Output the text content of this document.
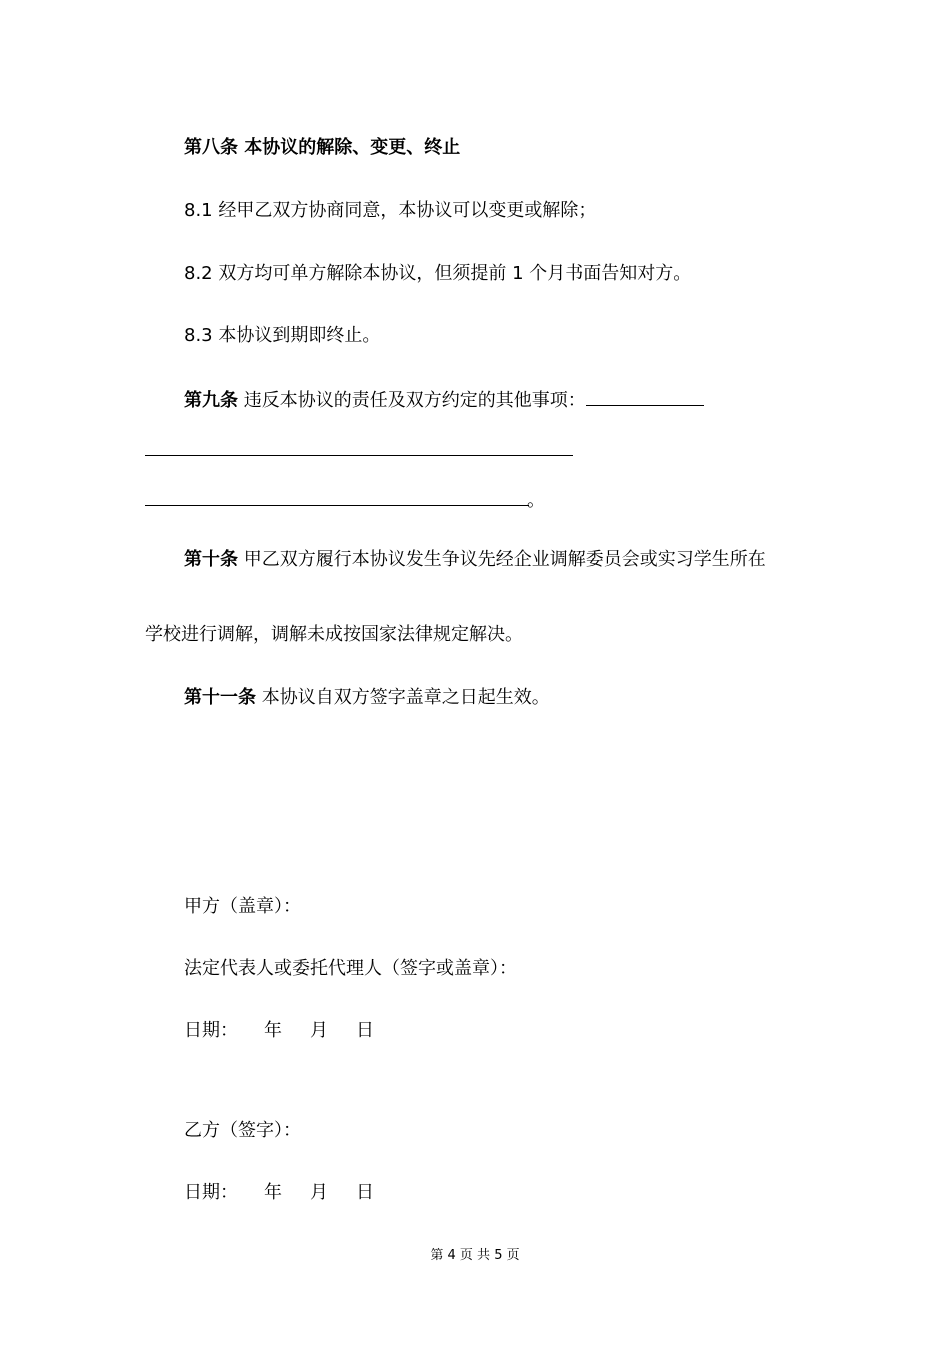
第八条 本协议的解除、变更、终止
8.1 经甲乙双方协商同意，本协议可以变更或解除；
8.2 双方均可单方解除本协议，但须提前 1 个月书面告知对方。
8.3 本协议到期即终止。
第九条 违反本协议的责任及双方约定的其他事项：
。
第十条 甲乙双方履行本协议发生争议先经企业调解委员会或实习学生所在
学校进行调解，调解未成按国家法律规定解决。
第十一条 本协议自双方签字盖章之日起生效。
甲方（盖章）：
法定代表人或委托代理人（签字或盖章）：
日期： 年 月 日
乙方（签字）：
日期： 年 月 日
第 4 页 共 5 页
